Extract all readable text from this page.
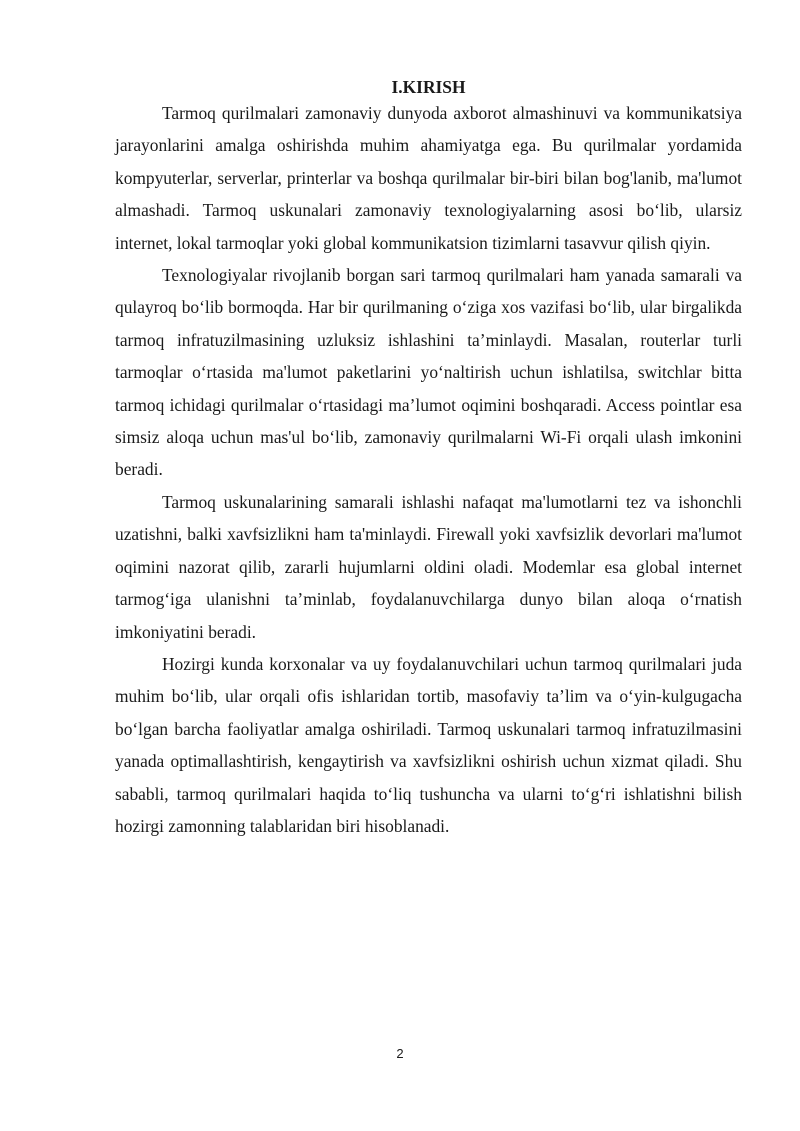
I.KIRISH

Tarmoq qurilmalari zamonaviy dunyoda axborot almashinuvi va kommunikatsiya jarayonlarini amalga oshirishda muhim ahamiyatga ega. Bu qurilmalar yordamida kompyuterlar, serverlar, printerlar va boshqa qurilmalar bir-biri bilan bog'lanib, ma'lumot almashadi. Tarmoq uskunalari zamonaviy texnologiyalarning asosi bo‘lib, ularsiz internet, lokal tarmoqlar yoki global kommunikatsion tizimlarni tasavvur qilish qiyin.

Texnologiyalar rivojlanib borgan sari tarmoq qurilmalari ham yanada samarali va qulayroq bo‘lib bormoqda. Har bir qurilmaning o‘ziga xos vazifasi bo‘lib, ular birgalikda tarmoq infratuzilmasining uzluksiz ishlashini ta’minlaydi. Masalan, routerlar turli tarmoqlar o‘rtasida ma'lumot paketlarini yo‘naltirish uchun ishlatilsa, switchlar bitta tarmoq ichidagi qurilmalar o‘rtasidagi ma’lumot oqimini boshqaradi. Access pointlar esa simsiz aloqa uchun mas'ul bo‘lib, zamonaviy qurilmalarni Wi-Fi orqali ulash imkonini beradi.

Tarmoq uskunalarining samarali ishlashi nafaqat ma'lumotlarni tez va ishonchli uzatishni, balki xavfsizlikni ham ta'minlaydi. Firewall yoki xavfsizlik devorlari ma'lumot oqimini nazorat qilib, zararli hujumlarni oldini oladi. Modemlar esa global internet tarmog‘iga ulanishni ta’minlab, foydalanuvchilarga dunyo bilan aloqa o‘rnatish imkoniyatini beradi.

Hozirgi kunda korxonalar va uy foydalanuvchilari uchun tarmoq qurilmalari juda muhim bo‘lib, ular orqali ofis ishlaridan tortib, masofaviy ta’lim va o‘yin-kulgugacha bo‘lgan barcha faoliyatlar amalga oshiriladi. Tarmoq uskunalari tarmoq infratuzilmasini yanada optimallashtirish, kengaytirish va xavfsizlikni oshirish uchun xizmat qiladi. Shu sababli, tarmoq qurilmalari haqida to‘liq tushuncha va ularni to‘g‘ri ishlatishni bilish hozirgi zamonning talablaridan biri hisoblanadi.

2
